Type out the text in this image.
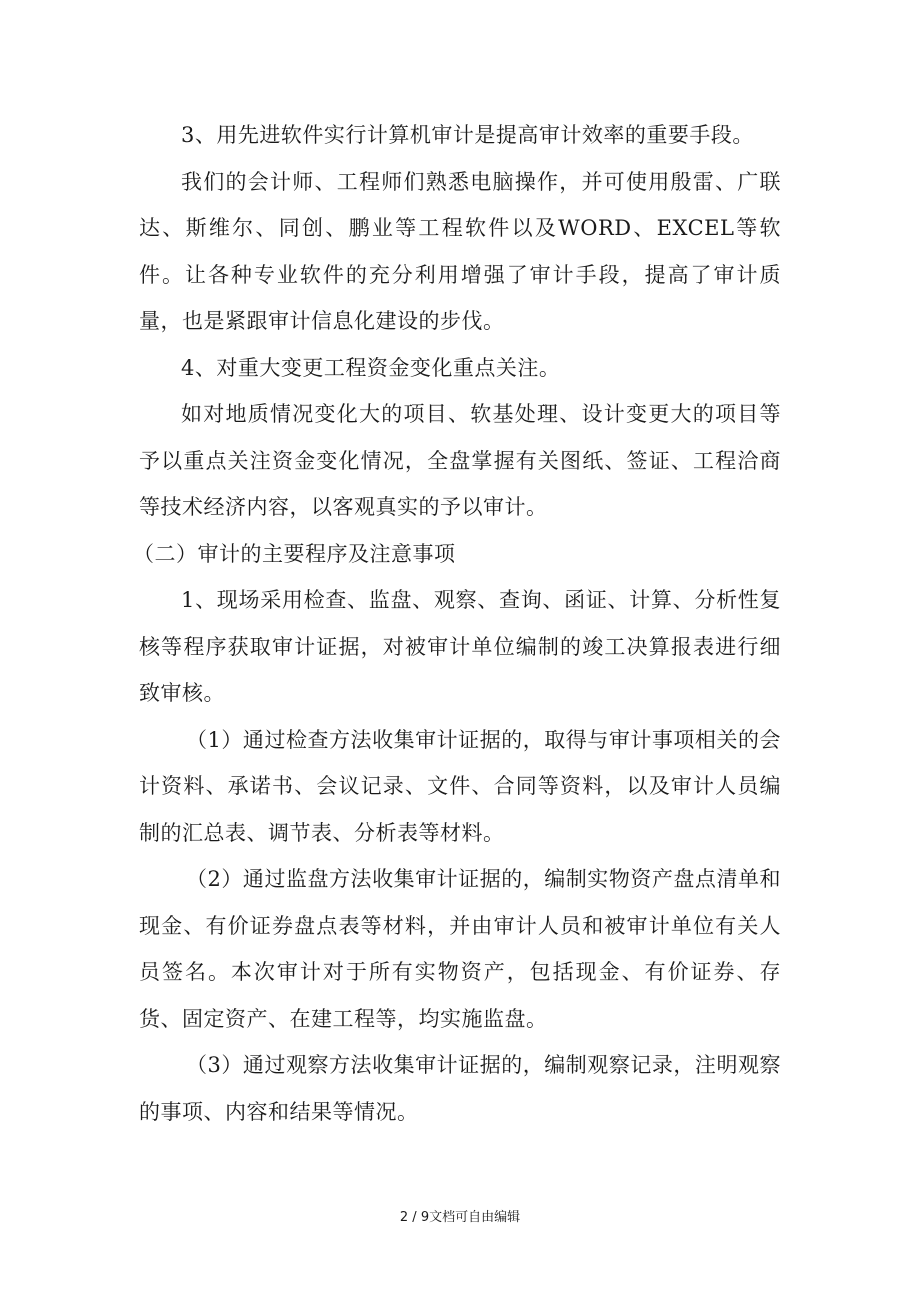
3、用先进软件实行计算机审计是提高审计效率的重要手段。

我们的会计师、工程师们熟悉电脑操作，并可使用殷雷、广联达、斯维尔、同创、鹏业等工程软件以及WORD、EXCEL等软件。让各种专业软件的充分利用增强了审计手段，提高了审计质量，也是紧跟审计信息化建设的步伐。

4、对重大变更工程资金变化重点关注。

如对地质情况变化大的项目、软基处理、设计变更大的项目等予以重点关注资金变化情况，全盘掌握有关图纸、签证、工程洽商等技术经济内容，以客观真实的予以审计。

（二）审计的主要程序及注意事项

1、现场采用检查、监盘、观察、查询、函证、计算、分析性复核等程序获取审计证据，对被审计单位编制的竣工决算报表进行细致审核。

（1）通过检查方法收集审计证据的，取得与审计事项相关的会计资料、承诺书、会议记录、文件、合同等资料，以及审计人员编制的汇总表、调节表、分析表等材料。

（2）通过监盘方法收集审计证据的，编制实物资产盘点清单和现金、有价证券盘点表等材料，并由审计人员和被审计单位有关人员签名。本次审计对于所有实物资产，包括现金、有价证券、存货、固定资产、在建工程等，均实施监盘。

（3）通过观察方法收集审计证据的，编制观察记录，注明观察的事项、内容和结果等情况。

2 / 9文档可自由编辑
